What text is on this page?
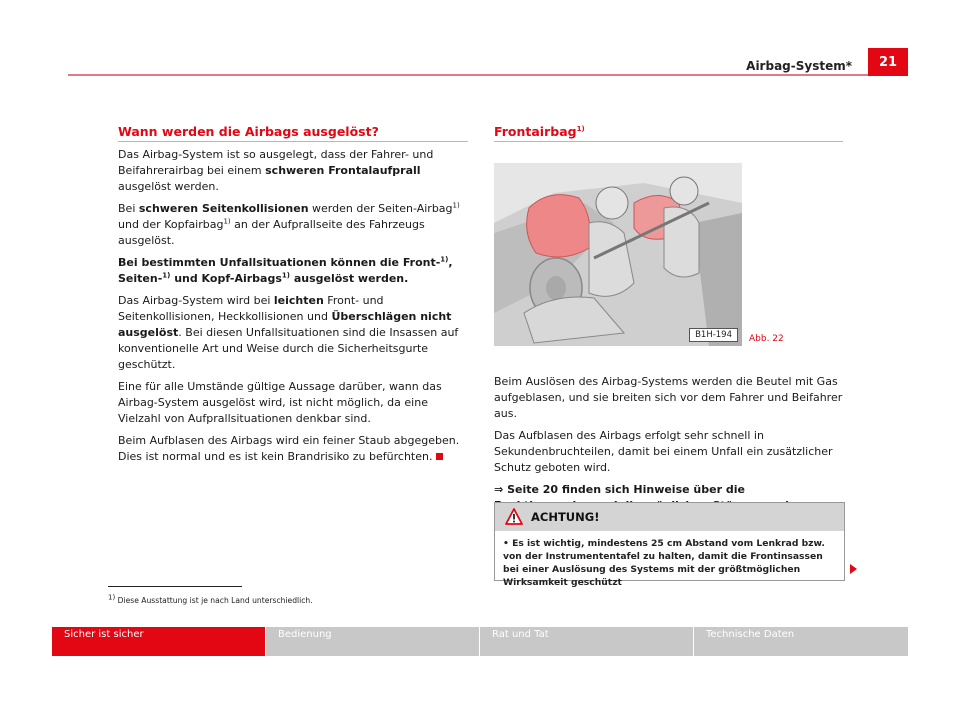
Airbag-System*	21
Wann werden die Airbags ausgelöst?

Das Airbag-System ist so ausgelegt, dass der Fahrer- und Beifahrerairbag bei einem schweren Frontalaufprall ausgelöst werden.

Bei schweren Seitenkollisionen werden der Seiten-Airbag$^{1)}$ und der Kopfairbag$^{1)}$ an der Aufprallseite des Fahrzeugs ausgelöst.

Bei bestimmten Unfallsituationen können die Front-$^{1)}$, Seiten-$^{1)}$ und Kopf-Airbags$^{1)}$ ausgelöst werden.

Das Airbag-System wird bei leichten Front- und Seitenkollisionen, Heckkollisionen und Überschlägen nicht ausgelöst. Bei diesen Unfallsituationen sind die Insassen auf konventionelle Art und Weise durch die Sicherheitsgurte geschützt.

Eine für alle Umstände gültige Aussage darüber, wann das Airbag-System ausgelöst wird, ist nicht möglich, da eine Vielzahl von Aufprallsituationen denkbar sind.

Beim Aufblasen des Airbags wird ein feiner Staub abgegeben. Dies ist normal und es ist kein Brandrisiko zu befürchten.

Frontairbag$^{1)}$
B1H-194	Abb. 22

Beim Auslösen des Airbag-Systems werden die Beutel mit Gas aufgeblasen, und sie breiten sich vor dem Fahrer und Beifahrer aus.

Das Aufblasen des Airbags erfolgt sehr schnell in Sekundenbruchteilen, damit bei einem Unfall ein zusätzlicher Schutz geboten wird.

⇒ Seite 20 finden sich Hinweise über die

ACHTUNG!
• Es ist wichtig, mindestens 25 cm Abstand vom Lenkrad bzw. von der Instrumententafel zu halten, damit die Frontinsassen bei einer Auslösung des Systems mit der größtmöglichen Wirksamkeit geschützt
1) Diese Ausstattung ist je nach Land unterschiedlich.
Sicher ist sicher	Bedienung	Rat und Tat	Technische Daten
